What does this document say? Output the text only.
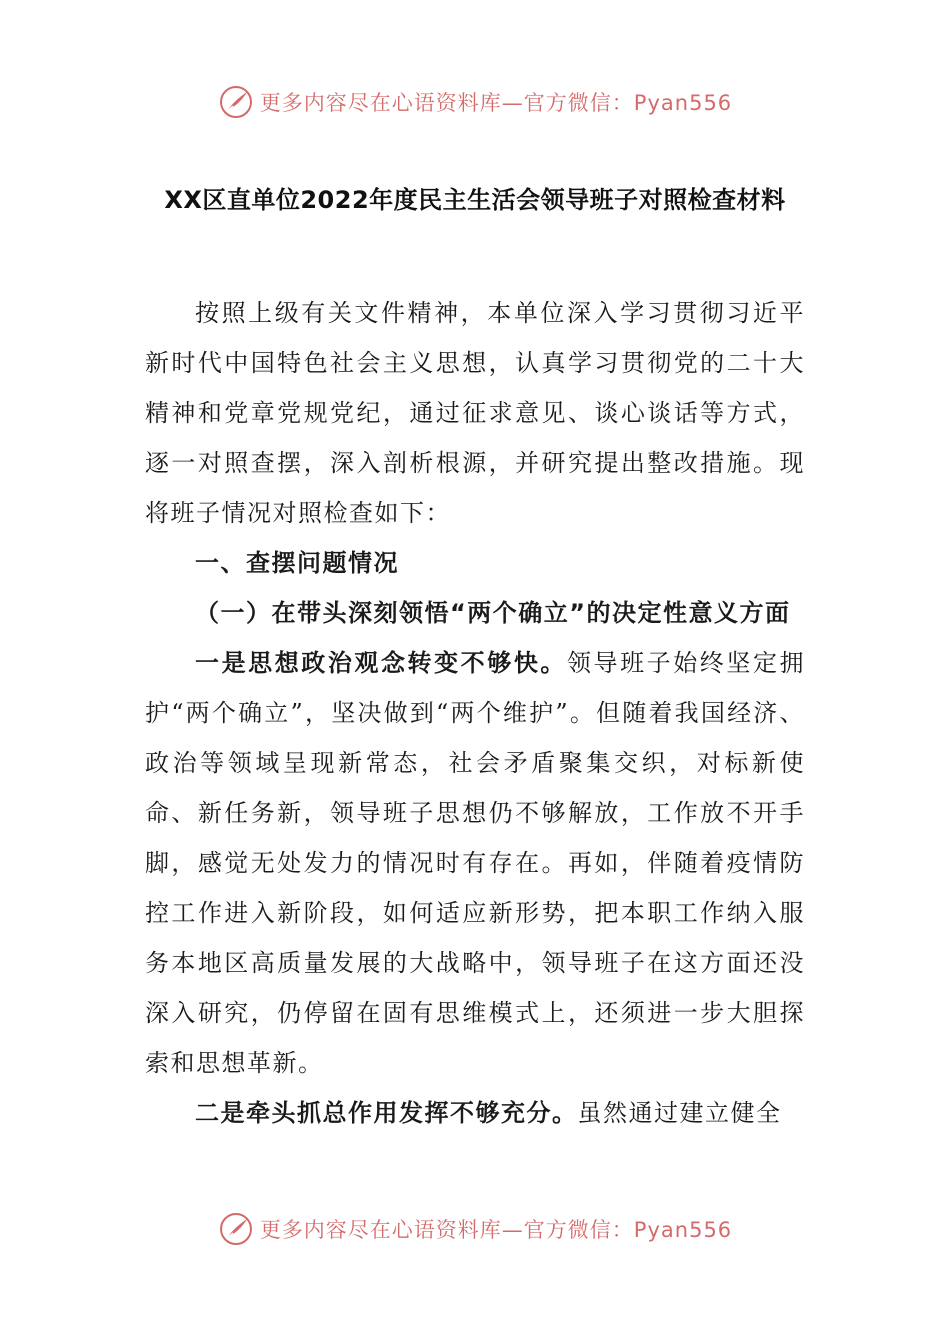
更多内容尽在心语资料库—官方微信：Pyan556
XX区直单位2022年度民主生活会领导班子对照检查材料

按照上级有关文件精神，本单位深入学习贯彻习近平新时代中国特色社会主义思想，认真学习贯彻党的二十大精神和党章党规党纪，通过征求意见、谈心谈话等方式，逐一对照查摆，深入剖析根源，并研究提出整改措施。现将班子情况对照检查如下：

一、查摆问题情况

（一）在带头深刻领悟“两个确立”的决定性意义方面

一是思想政治观念转变不够快。领导班子始终坚定拥护“两个确立”，坚决做到“两个维护”。但随着我国经济、政治等领域呈现新常态，社会矛盾聚集交织，对标新使命、新任务新，领导班子思想仍不够解放，工作放不开手脚，感觉无处发力的情况时有存在。再如，伴随着疫情防控工作进入新阶段，如何适应新形势，把本职工作纳入服务本地区高质量发展的大战略中，领导班子在这方面还没深入研究，仍停留在固有思维模式上，还须进一步大胆探索和思想革新。

二是牵头抓总作用发挥不够充分。虽然通过建立健全

更多内容尽在心语资料库—官方微信：Pyan556
